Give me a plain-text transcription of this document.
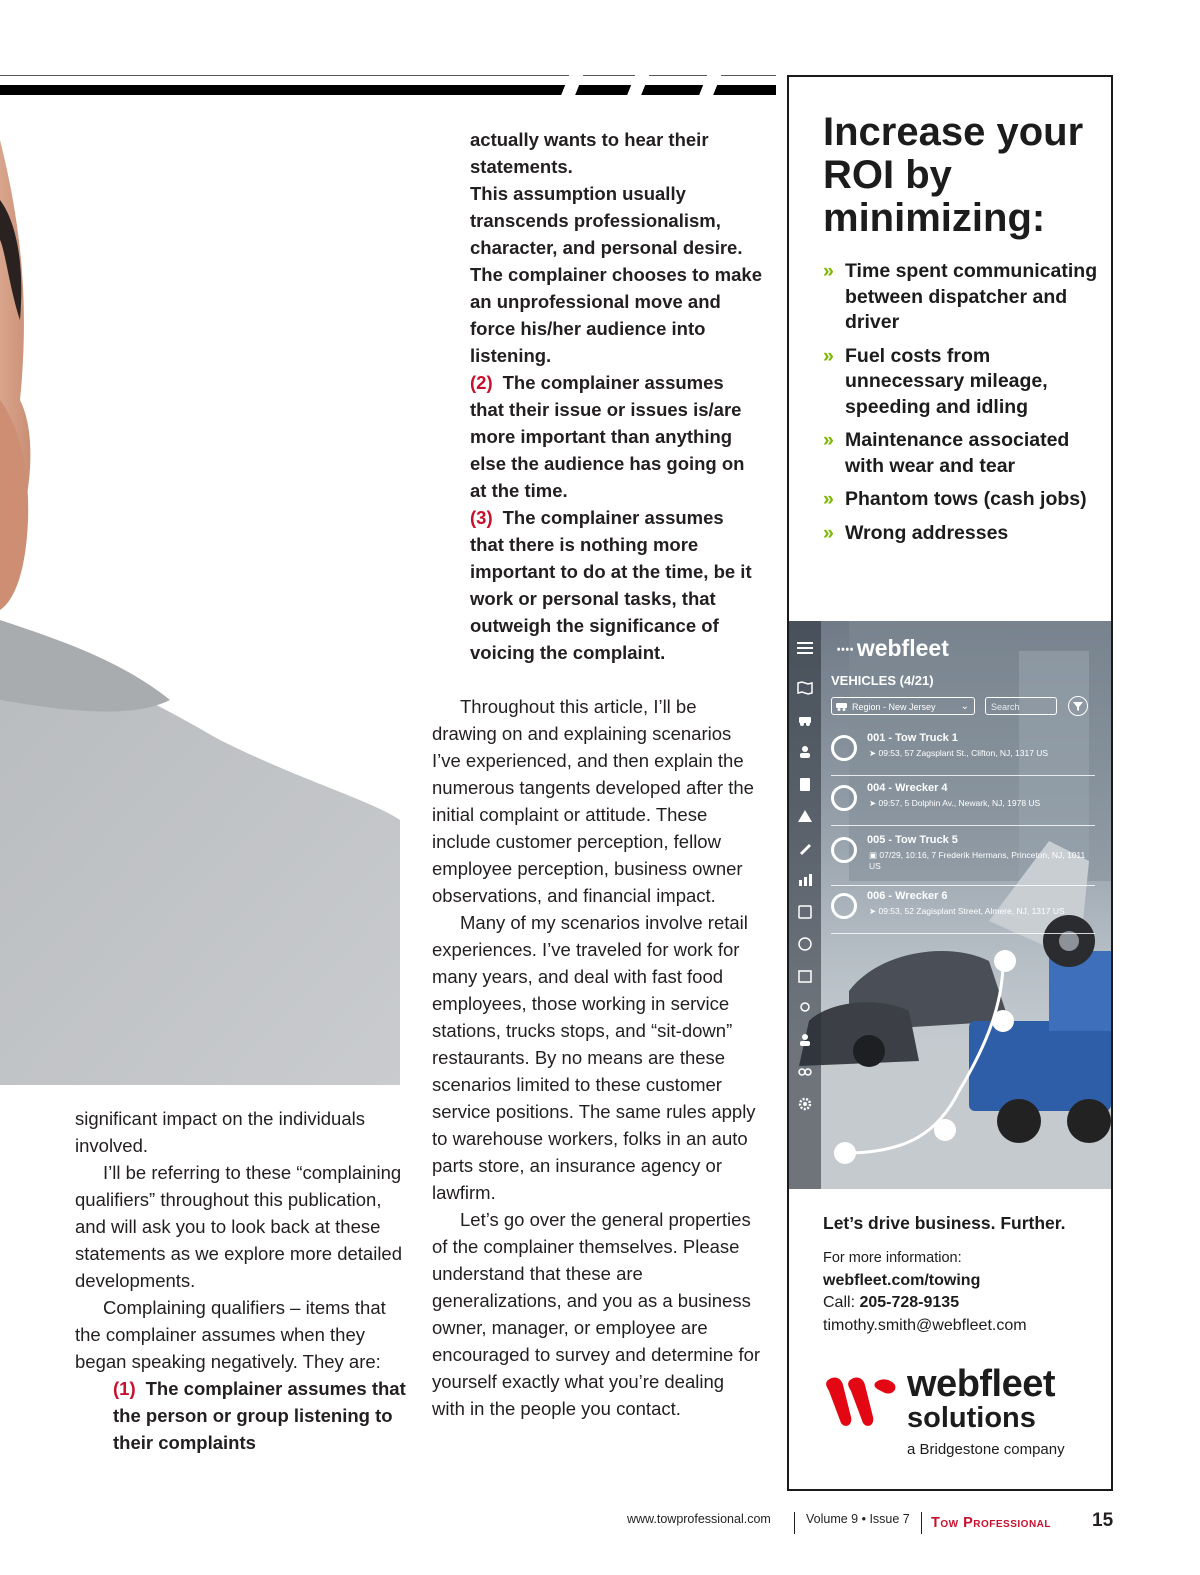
significant impact on the individuals involved.

I’ll be referring to these “complaining qualifiers” throughout this publication, and will ask you to look back at these statements as we explore more detailed developments.

Complaining qualifiers – items that the complainer assumes when they began speaking negatively. They are:

(1) The complainer assumes that the person or group listening to their complaints

actually wants to hear their statements.

This assumption usually transcends professionalism, character, and personal desire. The complainer chooses to make an unprofessional move and force his/her audience into listening.

(2) The complainer assumes that their issue or issues is/are more important than anything else the audience has going on at the time.

(3) The complainer assumes that there is nothing more important to do at the time, be it work or personal tasks, that outweigh the significance of voicing the complaint.

Throughout this article, I’ll be drawing on and explaining scenarios I’ve experienced, and then explain the numerous tangents developed after the initial complaint or attitude. These include customer perception, fellow employee perception, business owner observations, and financial impact.

Many of my scenarios involve retail experiences. I’ve traveled for work for many years, and deal with fast food employees, those working in service stations, trucks stops, and “sit-down” restaurants. By no means are these scenarios limited to these customer service positions. The same rules apply to warehouse workers, folks in an auto parts store, an insurance agency or lawfirm.

Let’s go over the general properties of the complainer themselves. Please understand that these are generalizations, and you as a business owner, manager, or employee are encouraged to survey and determine for yourself exactly what you’re dealing with in the people you contact.

Increase your ROI by minimizing:
» Time spent communicating between dispatcher and driver
» Fuel costs from unnecessary mileage, speeding and idling
» Maintenance associated with wear and tear
» Phantom tows (cash jobs)
» Wrong addresses
᠁ webfleet
VEHICLES (4/21)
Region - New Jersey	⌄	Search
001 - Tow Truck 1
➤ 09:53, 57 Zagsplant St., Clifton, NJ, 1317 US
004 - Wrecker 4
➤ 09:57, 5 Dolphin Av., Newark, NJ, 1978 US
005 - Tow Truck 5
▣ 07/29, 10:16, 7 Frederik Hermans, Princeton, NJ, 1011 US
006 - Wrecker 6
➤ 09:53, 52 Zagisplant Street, Almere, NJ, 1317 US
Let’s drive business. Further.
For more information:
webfleet.com/towing
Call: 205-728-9135
timothy.smith@webfleet.com
webfleet
solutions
a Bridgestone company
www.towprofessional.com	Volume 9 • Issue 7 Tow Professional 15
